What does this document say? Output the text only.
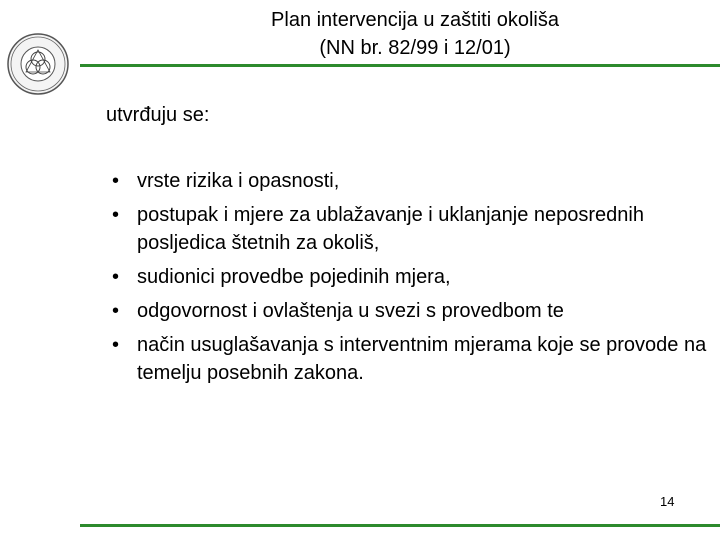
Plan intervencija u zaštiti okoliša
(NN br. 82/99 i 12/01)
utvrđuju se:
• vrste rizika i opasnosti,
• postupak i mjere za ublažavanje i uklanjanje neposrednih posljedica štetnih za okoliš,
• sudionici provedbe pojedinih mjera,
• odgovornost i ovlaštenja u svezi s provedbom te
• način usuglašavanja s interventnim mjerama koje se provode na temelju posebnih zakona.
14
